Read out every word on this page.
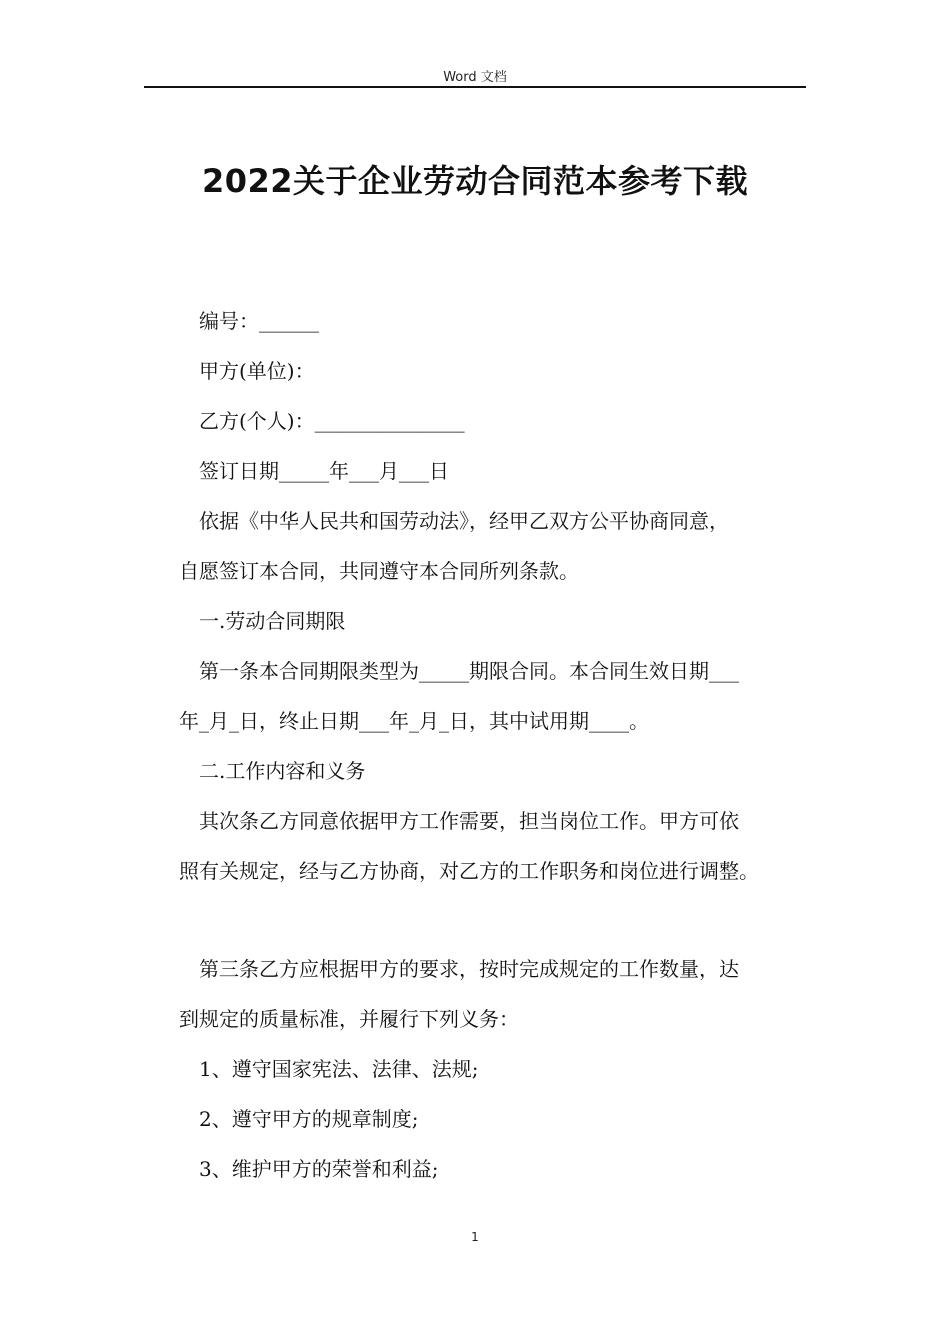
Word 文档
2022关于企业劳动合同范本参考下载

编号：______

甲方(单位)：

乙方(个人)：_______________

签订日期_____年___月___日

依据《中华人民共和国劳动法》，经甲乙双方公平协商同意，

自愿签订本合同，共同遵守本合同所列条款。

一.劳动合同期限

第一条本合同期限类型为_____期限合同。本合同生效日期___

年_月_日，终止日期___年_月_日，其中试用期____。

二.工作内容和义务

其次条乙方同意依据甲方工作需要，担当岗位工作。甲方可依

照有关规定，经与乙方协商，对乙方的工作职务和岗位进行调整。

第三条乙方应根据甲方的要求，按时完成规定的工作数量，达

到规定的质量标准，并履行下列义务：

1、遵守国家宪法、法律、法规;

2、遵守甲方的规章制度;

3、维护甲方的荣誉和利益;

1
